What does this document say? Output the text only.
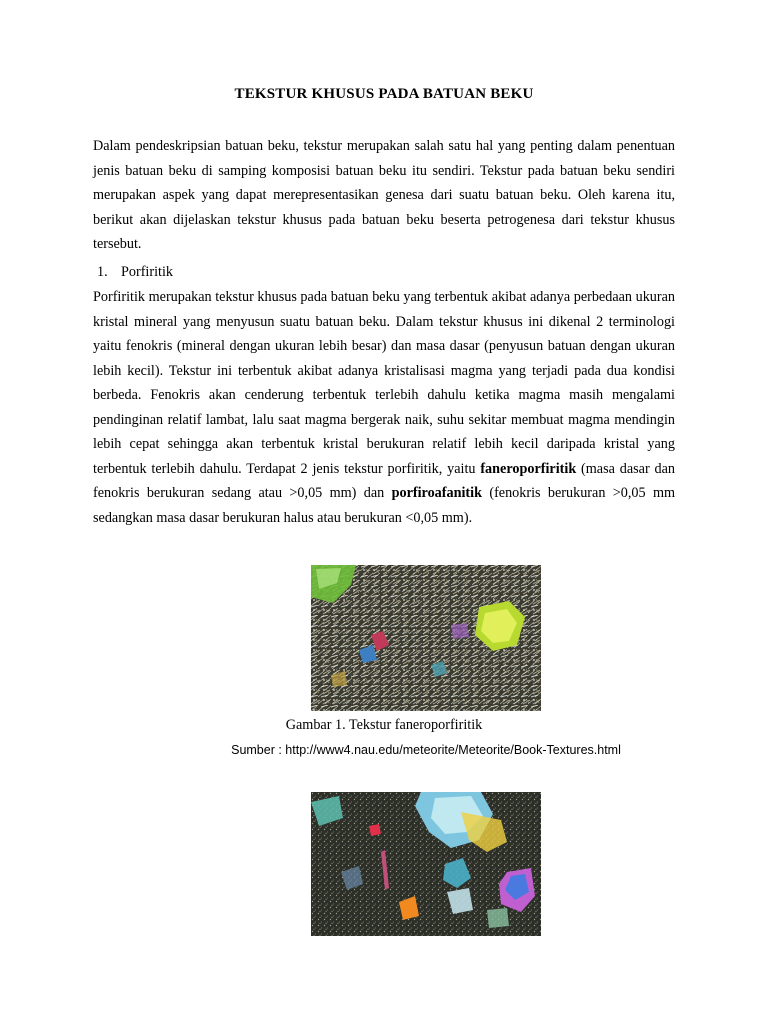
TEKSTUR KHUSUS PADA BATUAN BEKU
Dalam pendeskripsian batuan beku, tekstur merupakan salah satu hal yang penting dalam penentuan jenis batuan beku di samping komposisi batuan beku itu sendiri. Tekstur pada batuan beku sendiri merupakan aspek yang dapat merepresentasikan genesa dari suatu batuan beku. Oleh karena itu, berikut akan dijelaskan tekstur khusus pada batuan beku beserta petrogenesa dari tekstur khusus tersebut.
1. Porfiritik
Porfiritik merupakan tekstur khusus pada batuan beku yang terbentuk akibat adanya perbedaan ukuran kristal mineral yang menyusun suatu batuan beku. Dalam tekstur khusus ini dikenal 2 terminologi yaitu fenokris (mineral dengan ukuran lebih besar) dan masa dasar (penyusun batuan dengan ukuran lebih kecil). Tekstur ini terbentuk akibat adanya kristalisasi magma yang terjadi pada dua kondisi berbeda. Fenokris akan cenderung terbentuk terlebih dahulu ketika magma masih mengalami pendinginan relatif lambat, lalu saat magma bergerak naik, suhu sekitar membuat magma mendingin lebih cepat sehingga akan terbentuk kristal berukuran relatif lebih kecil daripada kristal yang terbentuk terlebih dahulu. Terdapat 2 jenis tekstur porfiritik, yaitu faneroporfiritik (masa dasar dan fenokris berukuran sedang atau >0,05 mm) dan porfiroafanitik (fenokris berukuran >0,05 mm sedangkan masa dasar berukuran halus atau berukuran <0,05 mm).
Gambar 1. Tekstur faneroporfiritik
Sumber : http://www4.nau.edu/meteorite/Meteorite/Book-Textures.html
